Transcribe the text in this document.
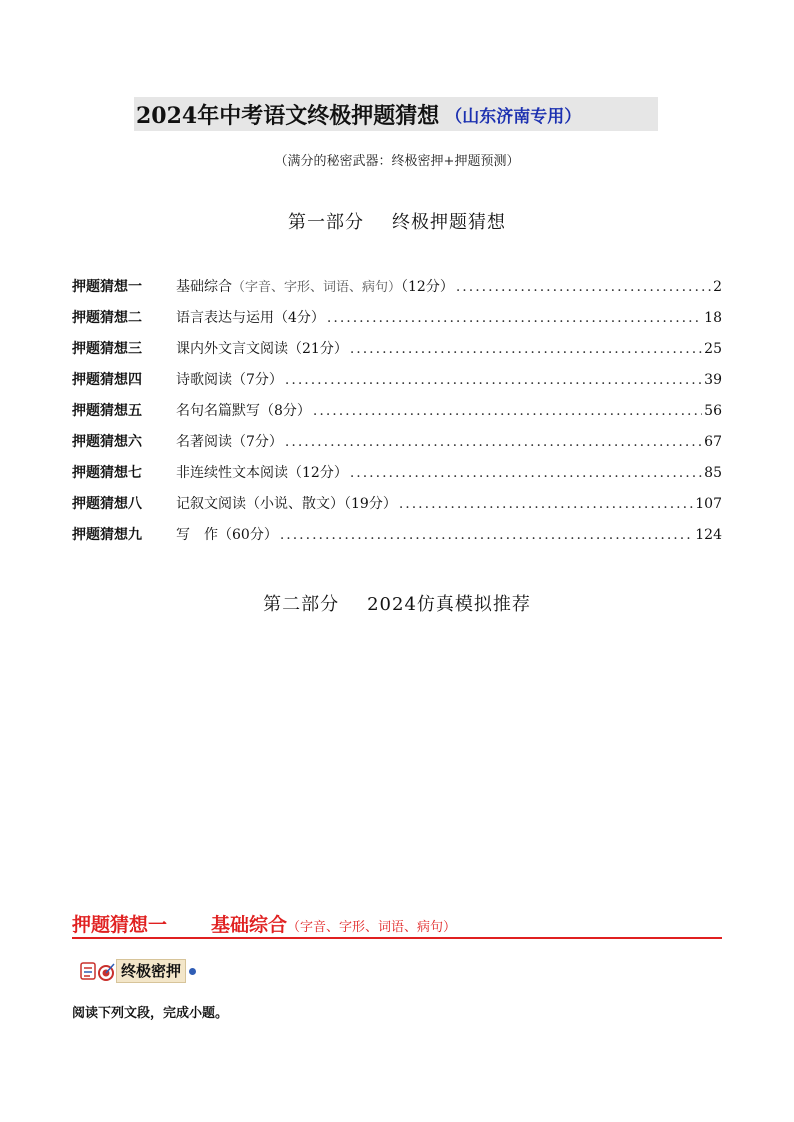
2024年中考语文终极押题猜想 （山东济南专用）
（满分的秘密武器：终极密押+押题预测）
第一部分 终极押题猜想
押题猜想一	基础综合（字音、字形、词语、病句）（12分） .....	2
押题猜想二	语言表达与运用（4分） .....	18
押题猜想三	课内外文言文阅读（21分） .....	25
押题猜想四	诗歌阅读（7分） .....	39
押题猜想五	名句名篇默写（8分） .....	56
押题猜想六	名著阅读（7分） .....	67
押题猜想七	非连续性文本阅读（12分） .....	85
押题猜想八	记叙文阅读（小说、散文）（19分） .....	107
押题猜想九	写　作（60分） .....	124
第二部分 2024仿真模拟推荐
押题猜想一 基础综合（字音、字形、词语、病句）
终极密押
阅读下列文段，完成小题。
